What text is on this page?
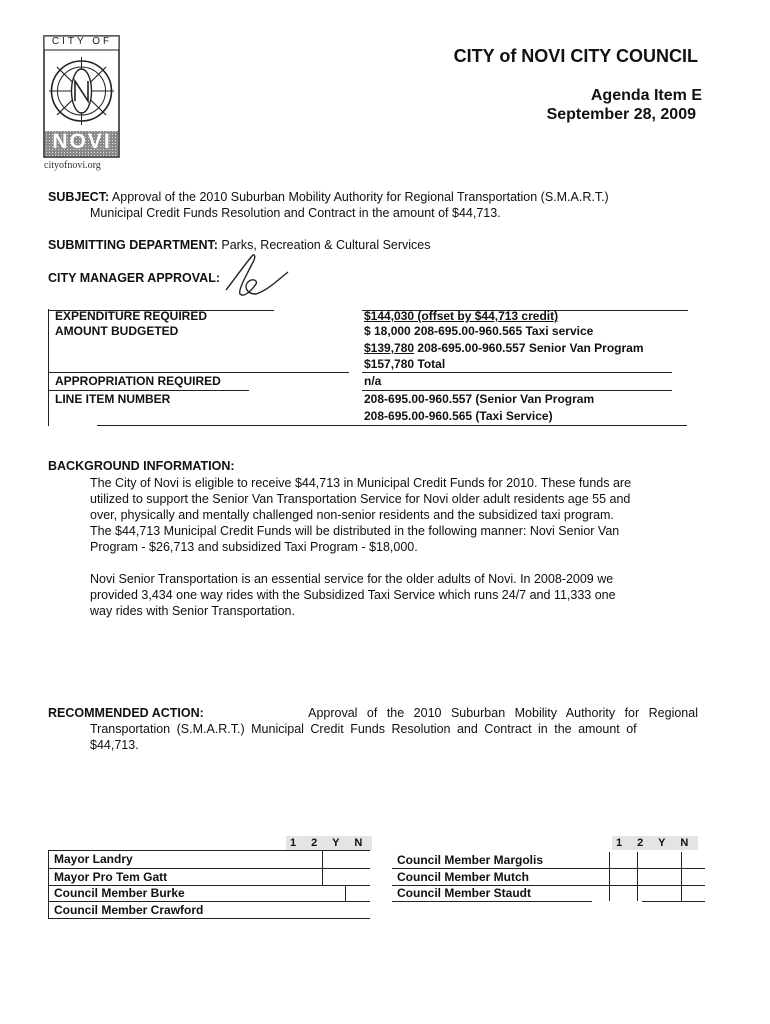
CITY OF
NOVI
cityofnovi.org
CITY of NOVI CITY COUNCIL
Agenda Item E
September 28, 2009
SUBJECT: Approval of the 2010 Suburban Mobility Authority for Regional Transportation (S.M.A.R.T.)
Municipal Credit Funds Resolution and Contract in the amount of $44,713.
SUBMITTING DEPARTMENT: Parks, Recreation & Cultural Services
CITY MANAGER APPROVAL:
EXPENDITURE REQUIRED	$144,030 (offset by $44,713 credit)
AMOUNT BUDGETED	$ 18,000 208-695.00-960.565 Taxi service
$139,780 208-695.00-960.557 Senior Van Program
$157,780 Total
APPROPRIATION REQUIRED	n/a
LINE ITEM NUMBER	208-695.00-960.557 (Senior Van Program
208-695.00-960.565 (Taxi Service)
BACKGROUND INFORMATION:
The City of Novi is eligible to receive $44,713 in Municipal Credit Funds for 2010. These funds are
utilized to support the Senior Van Transportation Service for Novi older adult residents age 55 and
over, physically and mentally challenged non-senior residents and the subsidized taxi program.
The $44,713 Municipal Credit Funds will be distributed in the following manner: Novi Senior Van
Program - $26,713 and subsidized Taxi Program - $18,000.
Novi Senior Transportation is an essential service for the older adults of Novi. In 2008-2009 we
provided 3,434 one way rides with the Subsidized Taxi Service which runs 24/7 and 11,333 one
way rides with Senior Transportation.
RECOMMENDED ACTION:	Approval of the 2010 Suburban Mobility Authority for Regional
Transportation (S.M.A.R.T.) Municipal Credit Funds Resolution and Contract in the amount of
$44,713.
1 2 Y N
Mayor Landry
Mayor Pro Tem Gatt
Council Member Burke
Council Member Crawford
1 2 Y N
Council Member Margolis
Council Member Mutch
Council Member Staudt
